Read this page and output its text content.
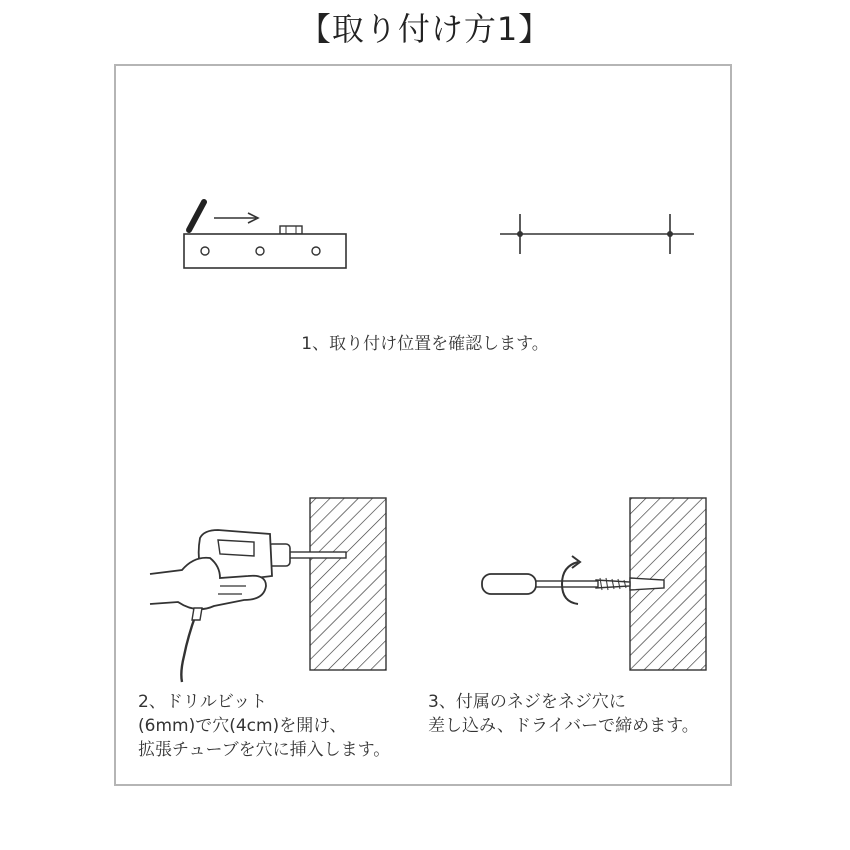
【取り付け方1】
1、取り付け位置を確認します。
2、ドリルビット
(6mm)で穴(4cm)を開け、
拡張チューブを穴に挿入します。
3、付属のネジをネジ穴に
差し込み、ドライバーで締めます。
